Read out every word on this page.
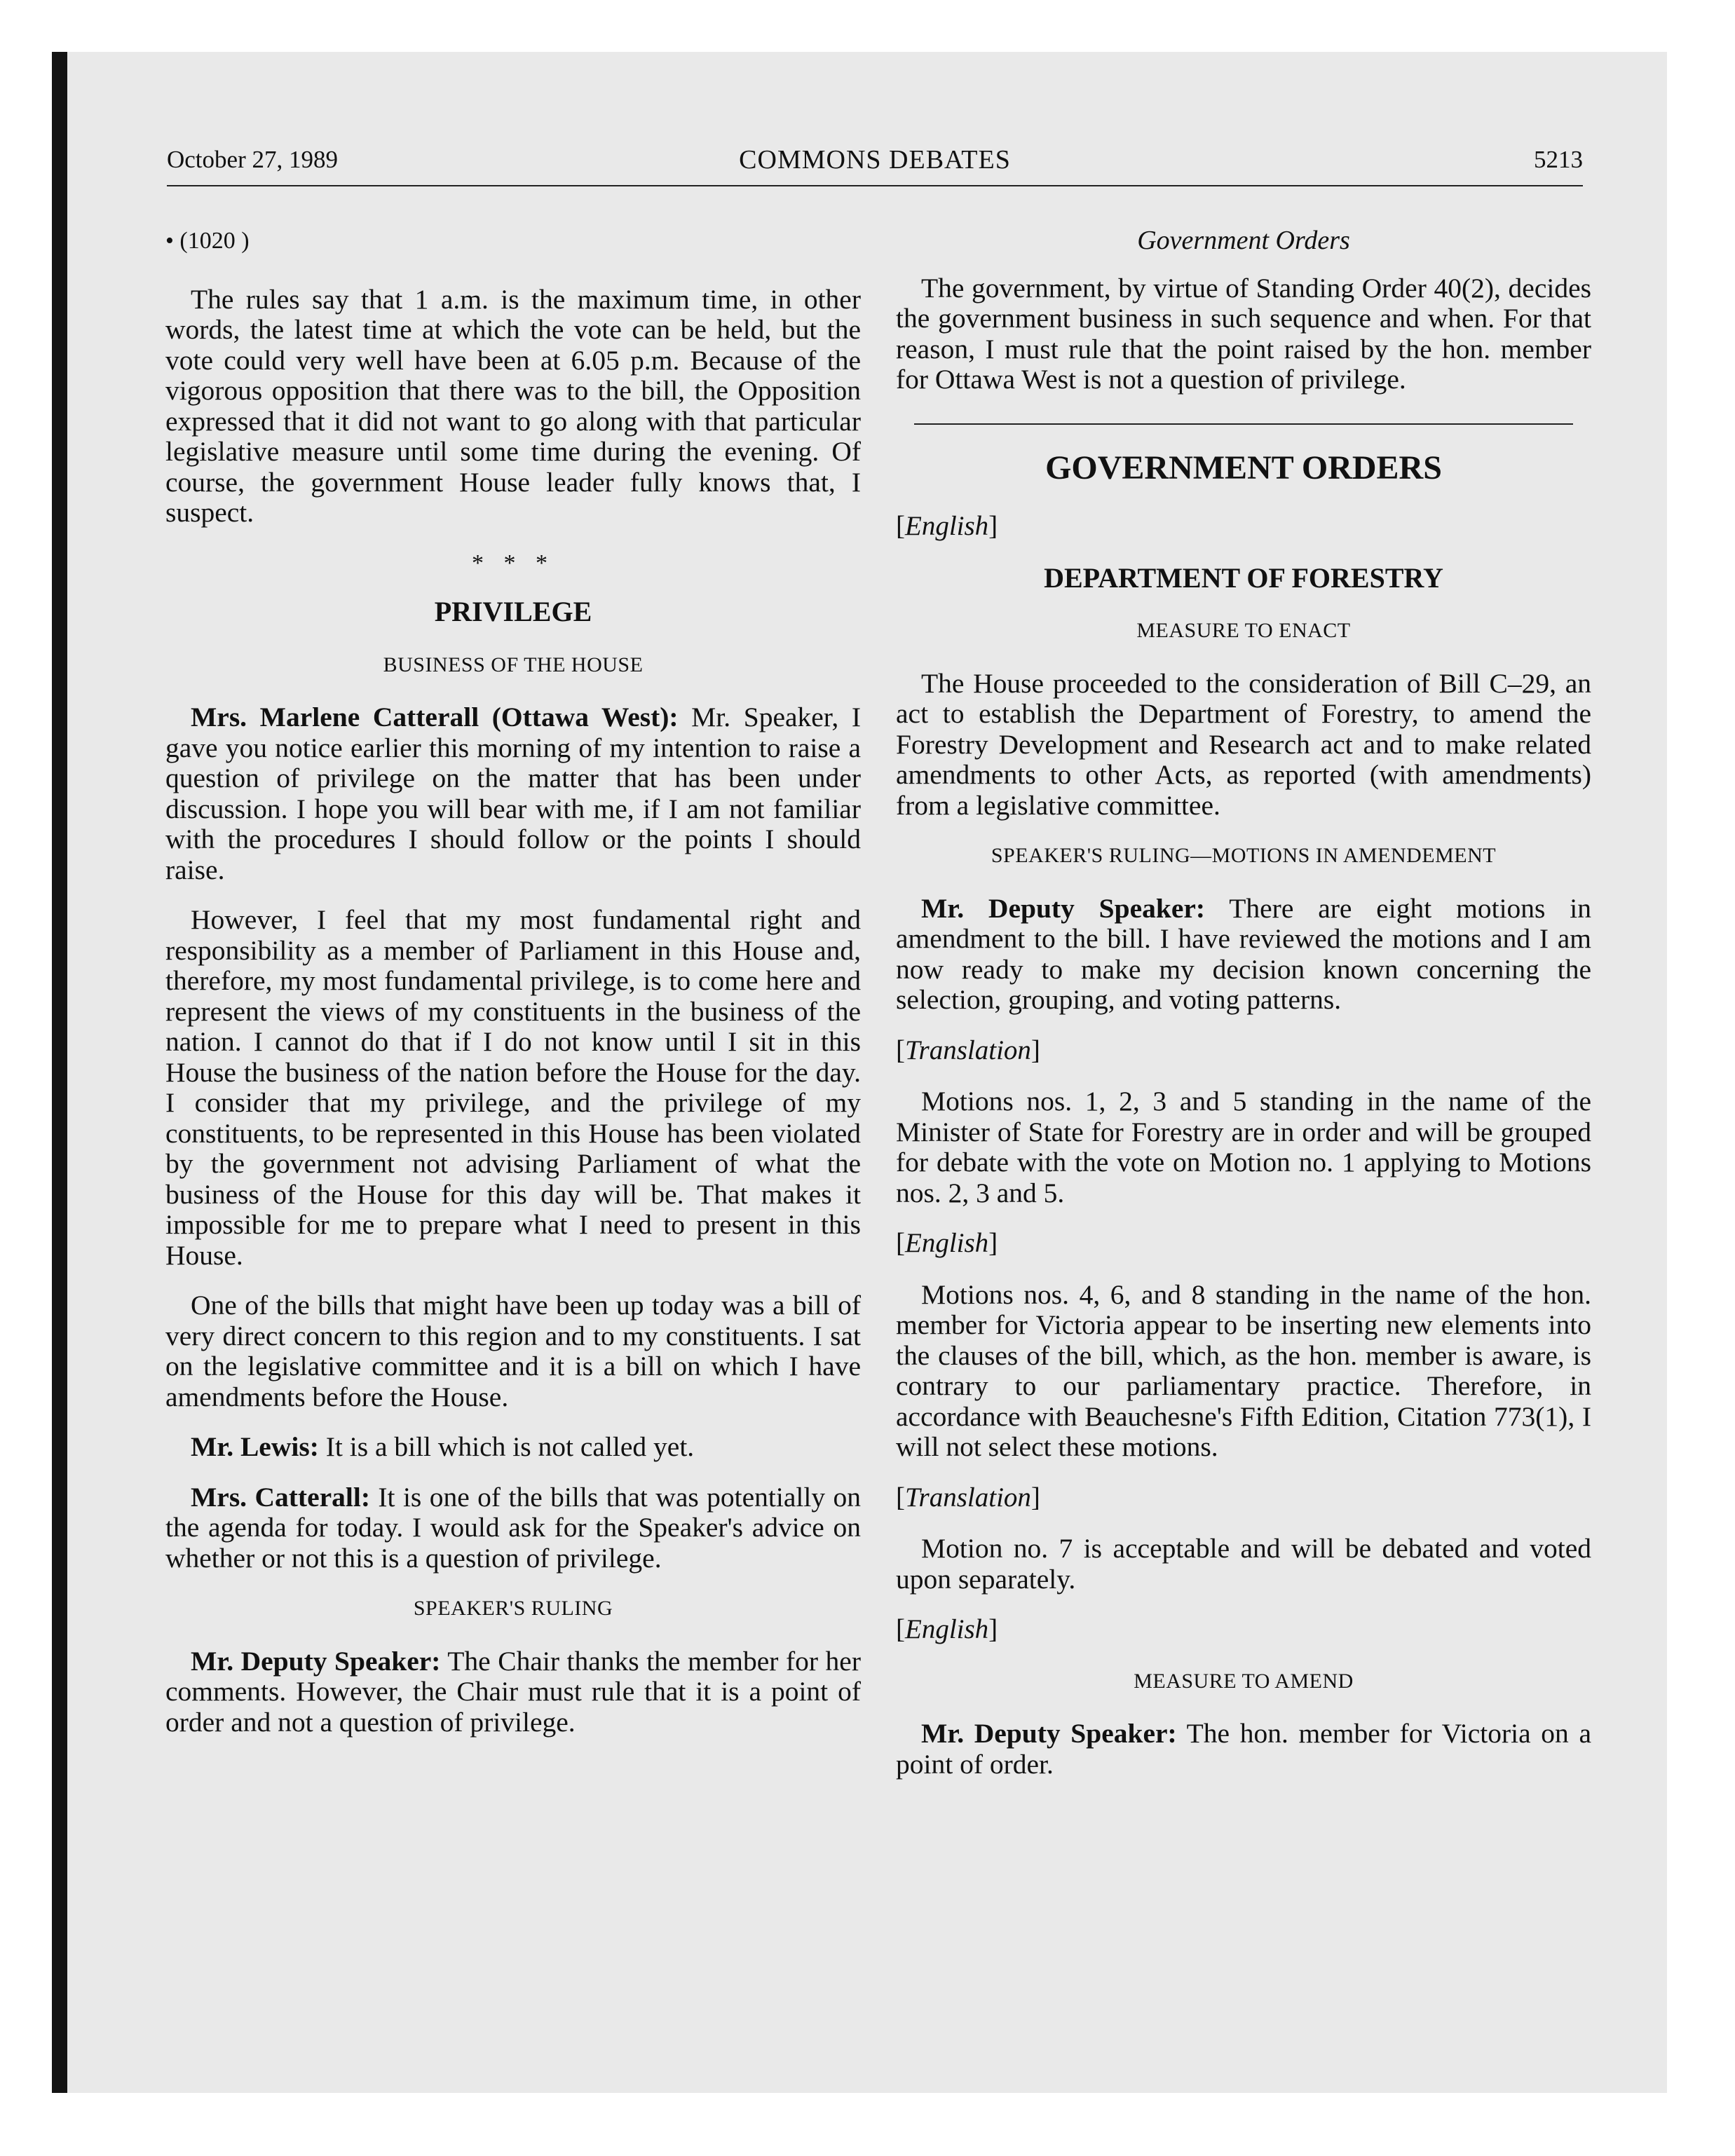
October 27, 1989	COMMONS DEBATES	5213
• (1020 )

The rules say that 1 a.m. is the maximum time, in other words, the latest time at which the vote can be held, but the vote could very well have been at 6.05 p.m. Because of the vigorous opposition that there was to the bill, the Opposition expressed that it did not want to go along with that particular legislative measure until some time during the evening. Of course, the government House leader fully knows that, I suspect.

* * *
PRIVILEGE
BUSINESS OF THE HOUSE

Mrs. Marlene Catterall (Ottawa West): Mr. Speaker, I gave you notice earlier this morning of my intention to raise a question of privilege on the matter that has been under discussion. I hope you will bear with me, if I am not familiar with the procedures I should follow or the points I should raise.

However, I feel that my most fundamental right and responsibility as a member of Parliament in this House and, therefore, my most fundamental privilege, is to come here and represent the views of my constituents in the business of the nation. I cannot do that if I do not know until I sit in this House the business of the nation before the House for the day. I consider that my privilege, and the privilege of my constituents, to be represented in this House has been violated by the government not advising Parliament of what the business of the House for this day will be. That makes it impossible for me to prepare what I need to present in this House.

One of the bills that might have been up today was a bill of very direct concern to this region and to my constituents. I sat on the legislative committee and it is a bill on which I have amendments before the House.

Mr. Lewis: It is a bill which is not called yet.

Mrs. Catterall: It is one of the bills that was potentially on the agenda for today. I would ask for the Speaker's advice on whether or not this is a question of privilege.

SPEAKER'S RULING

Mr. Deputy Speaker: The Chair thanks the member for her comments. However, the Chair must rule that it is a point of order and not a question of privilege.

Government Orders

The government, by virtue of Standing Order 40(2), decides the government business in such sequence and when. For that reason, I must rule that the point raised by the hon. member for Ottawa West is not a question of privilege.

GOVERNMENT ORDERS
[English]
DEPARTMENT OF FORESTRY
MEASURE TO ENACT

The House proceeded to the consideration of Bill C–29, an act to establish the Department of Forestry, to amend the Forestry Development and Research act and to make related amendments to other Acts, as reported (with amendments) from a legislative committee.

SPEAKER'S RULING—MOTIONS IN AMENDEMENT

Mr. Deputy Speaker: There are eight motions in amendment to the bill. I have reviewed the motions and I am now ready to make my decision known concerning the selection, grouping, and voting patterns.

[Translation]

Motions nos. 1, 2, 3 and 5 standing in the name of the Minister of State for Forestry are in order and will be grouped for debate with the vote on Motion no. 1 applying to Motions nos. 2, 3 and 5.

[English]

Motions nos. 4, 6, and 8 standing in the name of the hon. member for Victoria appear to be inserting new elements into the clauses of the bill, which, as the hon. member is aware, is contrary to our parliamentary practice. Therefore, in accordance with Beauchesne's Fifth Edition, Citation 773(1), I will not select these motions.

[Translation]

Motion no. 7 is acceptable and will be debated and voted upon separately.

[English]
MEASURE TO AMEND

Mr. Deputy Speaker: The hon. member for Victoria on a point of order.
